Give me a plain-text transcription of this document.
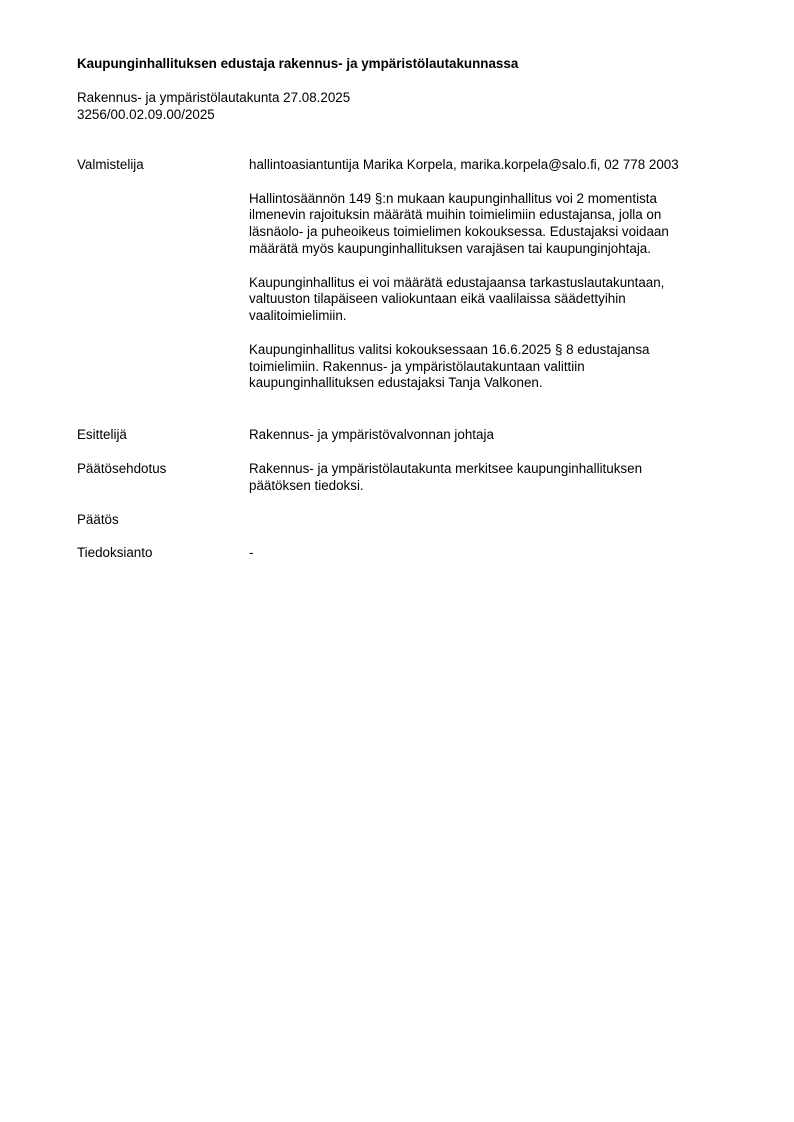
Kaupunginhallituksen edustaja rakennus- ja ympäristölautakunnassa
Rakennus- ja ympäristölautakunta 27.08.2025
3256/00.02.09.00/2025
Valmistelija	hallintoasiantuntija Marika Korpela, marika.korpela@salo.fi, 02 778 2003

Hallintosäännön 149 §:n mukaan kaupunginhallitus voi 2 momentista
ilmenevin rajoituksin määrätä muihin toimielimiin edustajansa, jolla on
läsnäolo- ja puheoikeus toimielimen kokouksessa. Edustajaksi voidaan
määrätä myös kaupunginhallituksen varajäsen tai kaupunginjohtaja.

Kaupunginhallitus ei voi määrätä edustajaansa tarkastuslautakuntaan,
valtuuston tilapäiseen valiokuntaan eikä vaalilaissa säädettyihin
vaalitoimielimiin.

Kaupunginhallitus valitsi kokouksessaan 16.6.2025 § 8 edustajansa
toimielimiin. Rakennus- ja ympäristölautakuntaan valittiin
kaupunginhallituksen edustajaksi Tanja Valkonen.

Esittelijä	Rakennus- ja ympäristövalvonnan johtaja
Päätösehdotus	Rakennus- ja ympäristölautakunta merkitsee kaupunginhallituksen
päätöksen tiedoksi.
Päätös
Tiedoksianto	-
